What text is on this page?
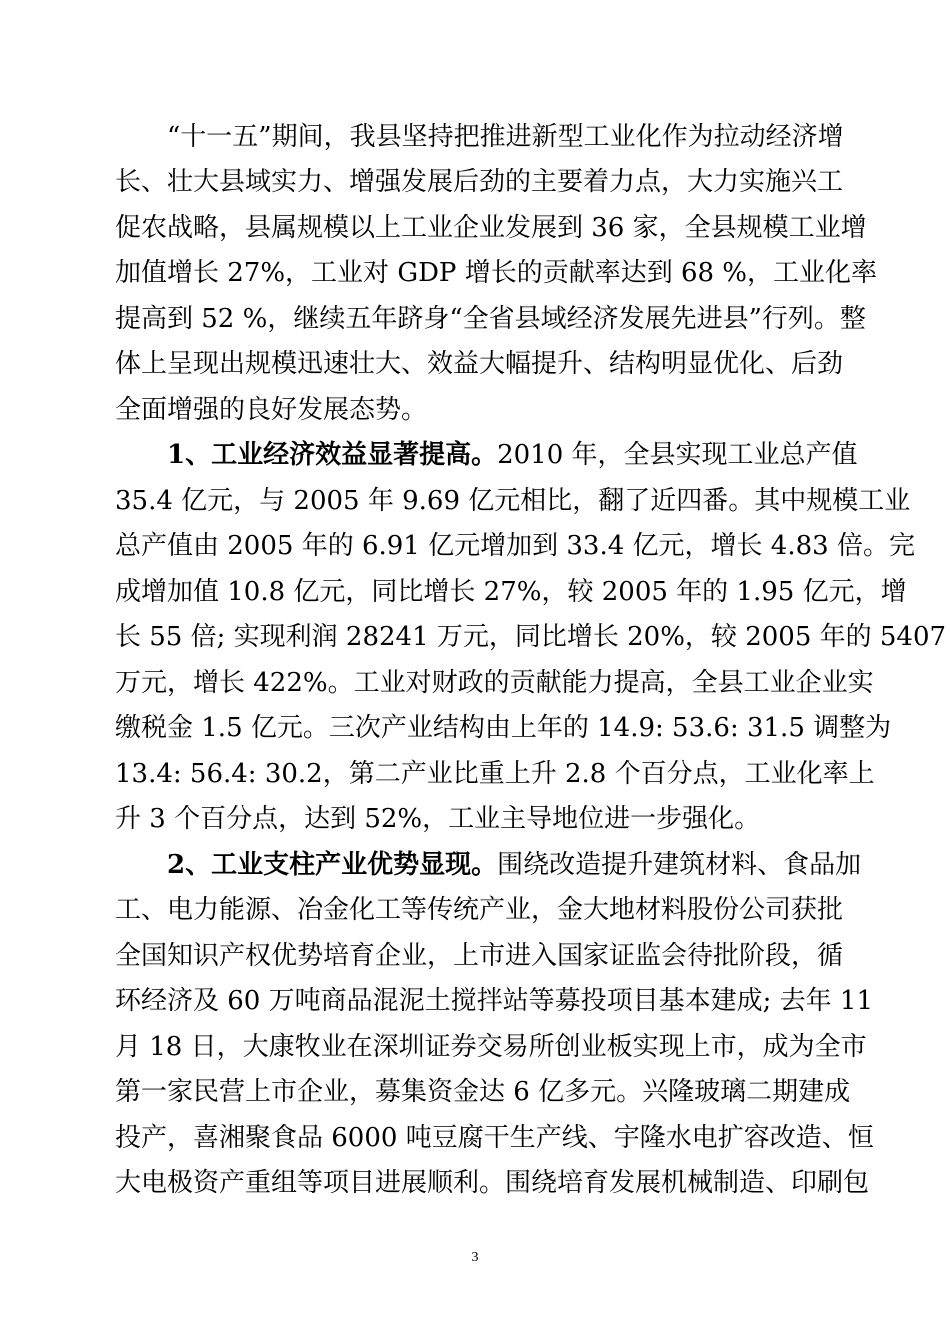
“十一五”期间，我县坚持把推进新型工业化作为拉动经济增
长、壮大县域实力、增强发展后劲的主要着力点，大力实施兴工
促农战略，县属规模以上工业企业发展到 36 家，全县规模工业增
加值增长 27%，工业对 GDP 增长的贡献率达到 68 %，工业化率
提高到 52 %，继续五年跻身“全省县域经济发展先进县”行列。整
体上呈现出规模迅速壮大、效益大幅提升、结构明显优化、后劲
全面增强的良好发展态势。
1、工业经济效益显著提高。2010 年，全县实现工业总产值
35.4 亿元，与 2005 年 9.69 亿元相比，翻了近四番。其中规模工业
总产值由 2005 年的 6.91 亿元增加到 33.4 亿元，增长 4.83 倍。完
成增加值 10.8 亿元，同比增长 27%，较 2005 年的 1.95 亿元，增
长 55 倍; 实现利润 28241 万元，同比增长 20%，较 2005 年的 5407
万元，增长 422%。工业对财政的贡献能力提高，全县工业企业实
缴税金 1.5 亿元。三次产业结构由上年的 14.9: 53.6: 31.5 调整为
13.4: 56.4: 30.2，第二产业比重上升 2.8 个百分点，工业化率上
升 3 个百分点，达到 52%，工业主导地位进一步强化。
2、工业支柱产业优势显现。围绕改造提升建筑材料、食品加
工、电力能源、冶金化工等传统产业，金大地材料股份公司获批
全国知识产权优势培育企业，上市进入国家证监会待批阶段，循
环经济及 60 万吨商品混泥土搅拌站等募投项目基本建成; 去年 11
月 18 日，大康牧业在深圳证券交易所创业板实现上市，成为全市
第一家民营上市企业，募集资金达 6 亿多元。兴隆玻璃二期建成
投产，喜湘聚食品 6000 吨豆腐干生产线、宇隆水电扩容改造、恒
大电极资产重组等项目进展顺利。围绕培育发展机械制造、印刷包
3
